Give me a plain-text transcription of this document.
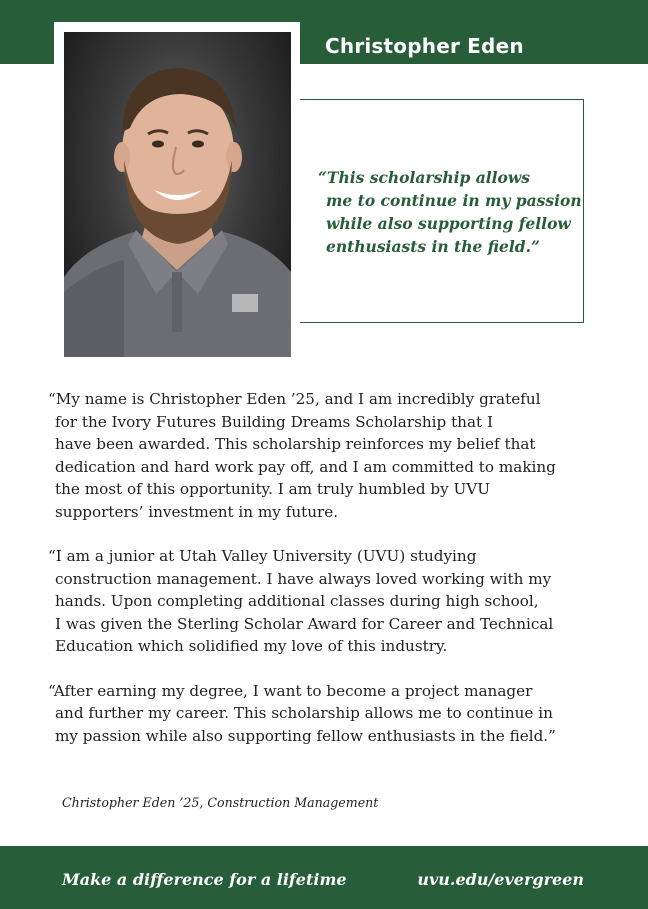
Christopher Eden
“This scholarship allows
me to continue in my passion
while also supporting fellow
enthusiasts in the field.”
“My name is Christopher Eden ’25, and I am incredibly grateful
for the Ivory Futures Building Dreams Scholarship that I
have been awarded. This scholarship reinforces my belief that
dedication and hard work pay off, and I am committed to making
the most of this opportunity. I am truly humbled by UVU
supporters’ investment in my future.
“I am a junior at Utah Valley University (UVU) studying
construction management. I have always loved working with my
hands. Upon completing additional classes during high school,
I was given the Sterling Scholar Award for Career and Technical
Education which solidified my love of this industry.
“After earning my degree, I want to become a project manager
and further my career. This scholarship allows me to continue in
my passion while also supporting fellow enthusiasts in the field.”
Christopher Eden ’25, Construction Management
Make a difference for a lifetime	uvu.edu/evergreen
